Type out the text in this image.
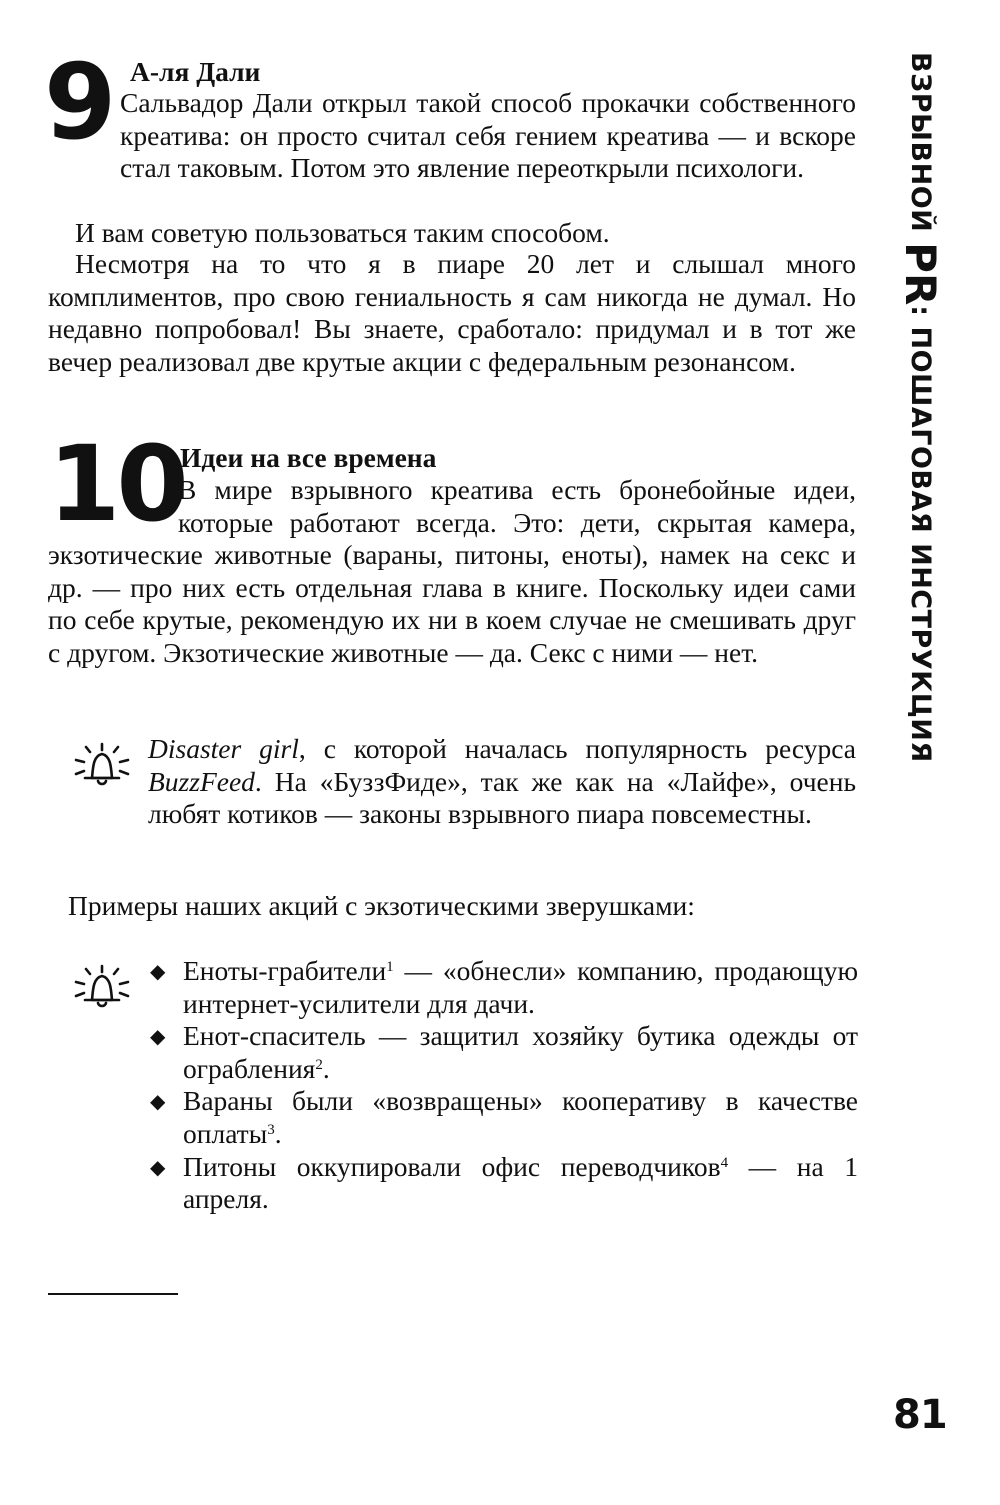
9 А-ля Дали
Сальвадор Дали открыл такой способ прокачки собственного креатива: он просто считал себя гением креатива — и вскоре стал таковым. Потом это явление переоткрыли психологи.
И вам советую пользоваться таким способом.
Несмотря на то что я в пиаре 20 лет и слышал много комплиментов, про свою гениальность я сам никогда не думал. Но недавно попробовал! Вы знаете, сработало: придумал и в тот же вечер реализовал две крутые акции с федеральным резонансом.
10
Идеи на все времена
В мире взрывного креатива есть бронебойные идеи, которые работают всегда. Это: дети, скрытая камера, экзотические животные (вараны, питоны, еноты), намек на секс и др. — про них есть отдельная глава в книге. Поскольку идеи сами по себе крутые, рекомендую их ни в коем случае не смешивать друг с другом. Экзотические животные — да. Секс с ними — нет.
Disaster girl, с которой началась популярность ресурса BuzzFeed. На «БуззФиде», так же как на «Лайфе», очень любят котиков — законы взрывного пиара повсеместны.
Примеры наших акций с экзотическими зверушками:
◆ Еноты-грабители$^1$ — «обнесли» компанию, продающую интернет-усилители для дачи.
◆ Енот-спаситель — защитил хозяйку бутика одежды от ограбления$^2$.
◆ Вараны были «возвращены» кооперативу в качестве оплаты$^3$.
◆ Питоны оккупировали офис переводчиков$^4$ — на 1 апреля.
ВЗРЫВНОЙ PR: ПОШАГОВАЯ ИНСТРУКЦИЯ
81
